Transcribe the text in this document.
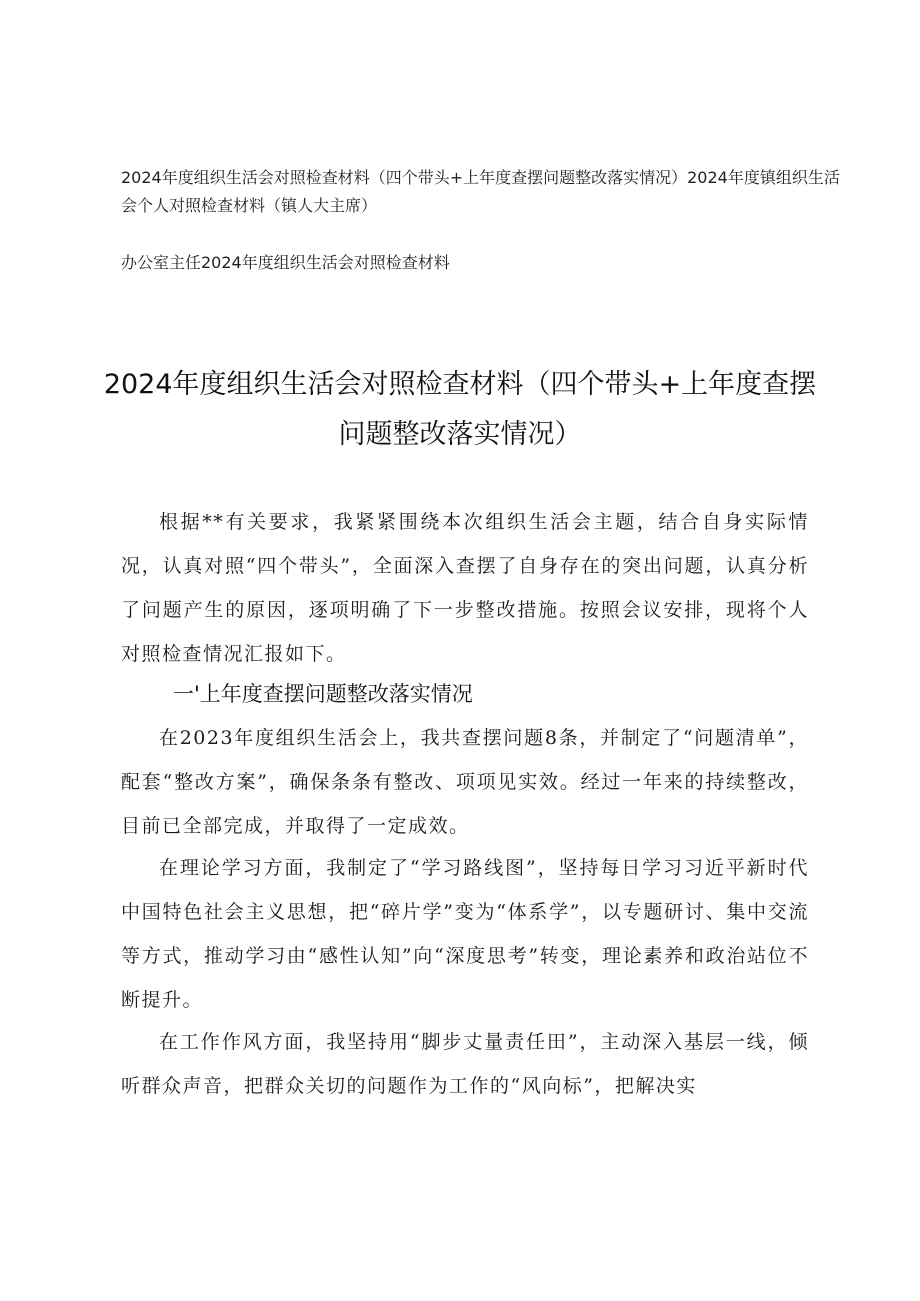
2024年度组织生活会对照检查材料（四个带头+上年度查摆问题整改落实情况）2024年度镇组织生活会个人对照检查材料（镇人大主席）
办公室主任2024年度组织生活会对照检查材料
2024年度组织生活会对照检查材料（四个带头+上年度查摆问题整改落实情况）
根据**有关要求，我紧紧围绕本次组织生活会主题，结合自身实际情况，认真对照“四个带头”，全面深入查摆了自身存在的突出问题，认真分析了问题产生的原因，逐项明确了下一步整改措施。按照会议安排，现将个人对照检查情况汇报如下。
一'上年度查摆问题整改落实情况
在2023年度组织生活会上，我共查摆问题8条，并制定了“问题清单”，配套“整改方案”，确保条条有整改、项项见实效。经过一年来的持续整改，目前已全部完成，并取得了一定成效。
在理论学习方面，我制定了“学习路线图”，坚持每日学习习近平新时代中国特色社会主义思想，把“碎片学”变为“体系学”，以专题研讨、集中交流等方式，推动学习由“感性认知”向“深度思考”转变，理论素养和政治站位不断提升。
在工作作风方面，我坚持用“脚步丈量责任田”，主动深入基层一线，倾听群众声音，把群众关切的问题作为工作的“风向标”，把解决实
